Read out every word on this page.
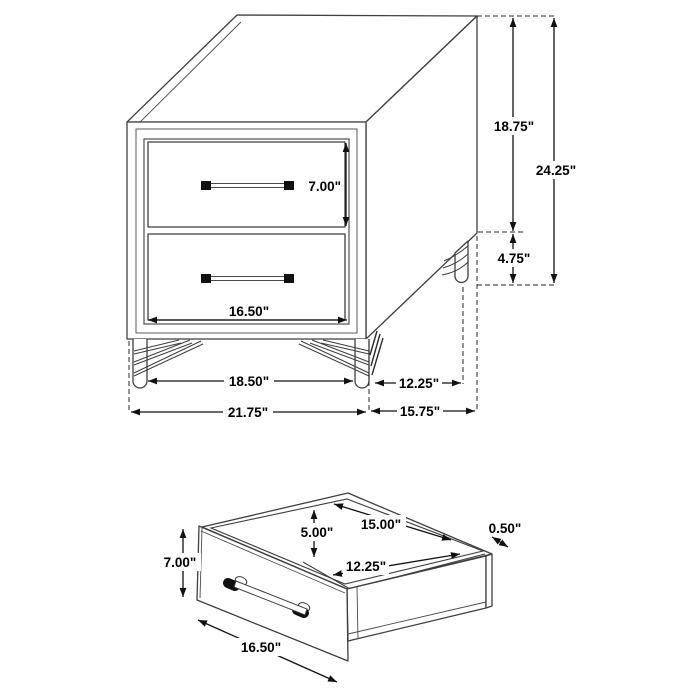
7.00"
16.50"
18.75"
24.25"
4.75"
18.50"	12.25"
21.75"	15.75"
7.00"
5.00"
15.00"
12.25"
0.50"
16.50"
